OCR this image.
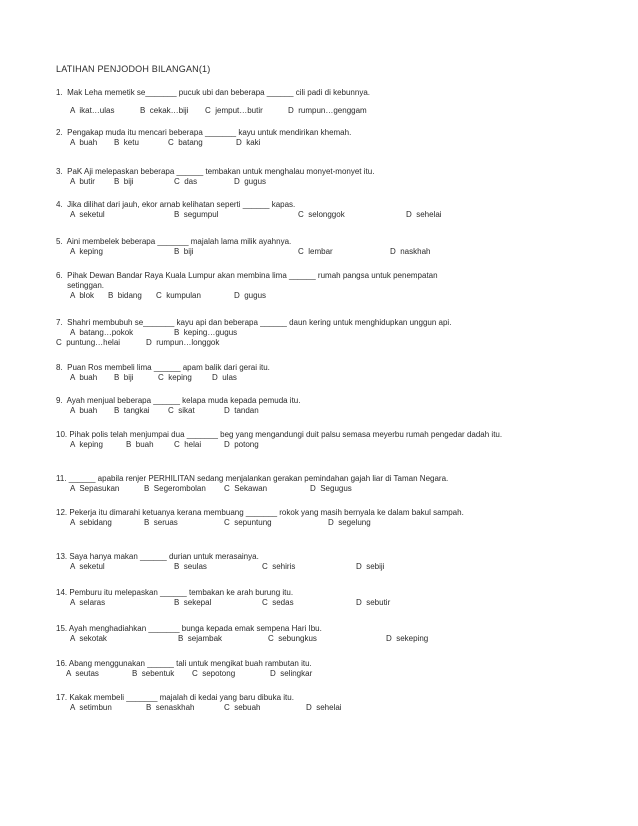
LATIHAN PENJODOH BILANGAN(1)
1.  Mak Leha memetik se_______ pucuk ubi dan beberapa ______ cili padi di kebunnya.
A  ikat…ulas	B  cekak…biji C  jemput…butir	D  rumpun…genggam
2.  Pengakap muda itu mencari beberapa _______ kayu untuk mendirikan khemah.
A  buah B  ketu	C  batang	D  kaki
3.  PaK Aji melepaskan beberapa ______ tembakan untuk menghalau monyet-monyet itu.
A  butir B  biji	C  das	D  gugus
4.  Jika dilihat dari jauh, ekor arnab kelihatan seperti ______ kapas.
A  seketul	B  segumpul	C  selonggok	D  sehelai
5.  Aini membelek beberapa _______ majalah lama milik ayahnya.
A  keping	B  biji	C  lembar	D  naskhah
6.  Pihak Dewan Bandar Raya Kuala Lumpur akan membina lima ______ rumah pangsa untuk penempatan
setinggan.
A  blok B  bidang C  kumpulan	D  gugus
7.  Shahri membubuh se_______ kayu api dan beberapa ______ daun kering untuk menghidupkan unggun api.
A  batang…pokok	B  keping…gugus
C  puntung…helai	D  rumpun…longgok
8.  Puan Ros membeli lima ______ apam balik dari gerai itu.
A  buah B  biji	C  keping	D  ulas
9.  Ayah menjual beberapa ______ kelapa muda kepada pemuda itu.
A  buah B  tangkai C  sikat	D  tandan
10. Pihak polis telah menjumpai dua _______ beg yang mengandungi duit palsu semasa meyerbu rumah pengedar dadah itu.
A  keping	B  buah	C  helai	D  potong
11. ______ apabila renjer PERHILITAN sedang menjalankan gerakan pemindahan gajah liar di Taman Negara.
A  Sepasukan	B  Segerombolan C  Sekawan	D  Segugus
12. Pekerja itu dimarahi ketuanya kerana membuang _______ rokok yang masih bernyala ke dalam bakul sampah.
A  sebidang	B  seruas	C  sepuntung	D  segelung
13. Saya hanya makan ______ durian untuk merasainya.
A  seketul	B  seulas	C  sehiris	D  sebiji
14. Pemburu itu melepaskan ______ tembakan ke arah burung itu.
A  selaras	B  sekepal	C  sedas	D  sebutir
15. Ayah menghadiahkan _______ bunga kepada emak sempena Hari Ibu.
A  sekotak	B  sejambak	C  sebungkus	D  sekeping
16. Abang menggunakan ______ tali untuk mengikat buah rambutan itu.
A  seutas	B  sebentuk C  sepotong	D  selingkar
17. Kakak membeli _______ majalah di kedai yang baru dibuka itu.
A  setimbun	B  senaskhah	C  sebuah	D  sehelai
